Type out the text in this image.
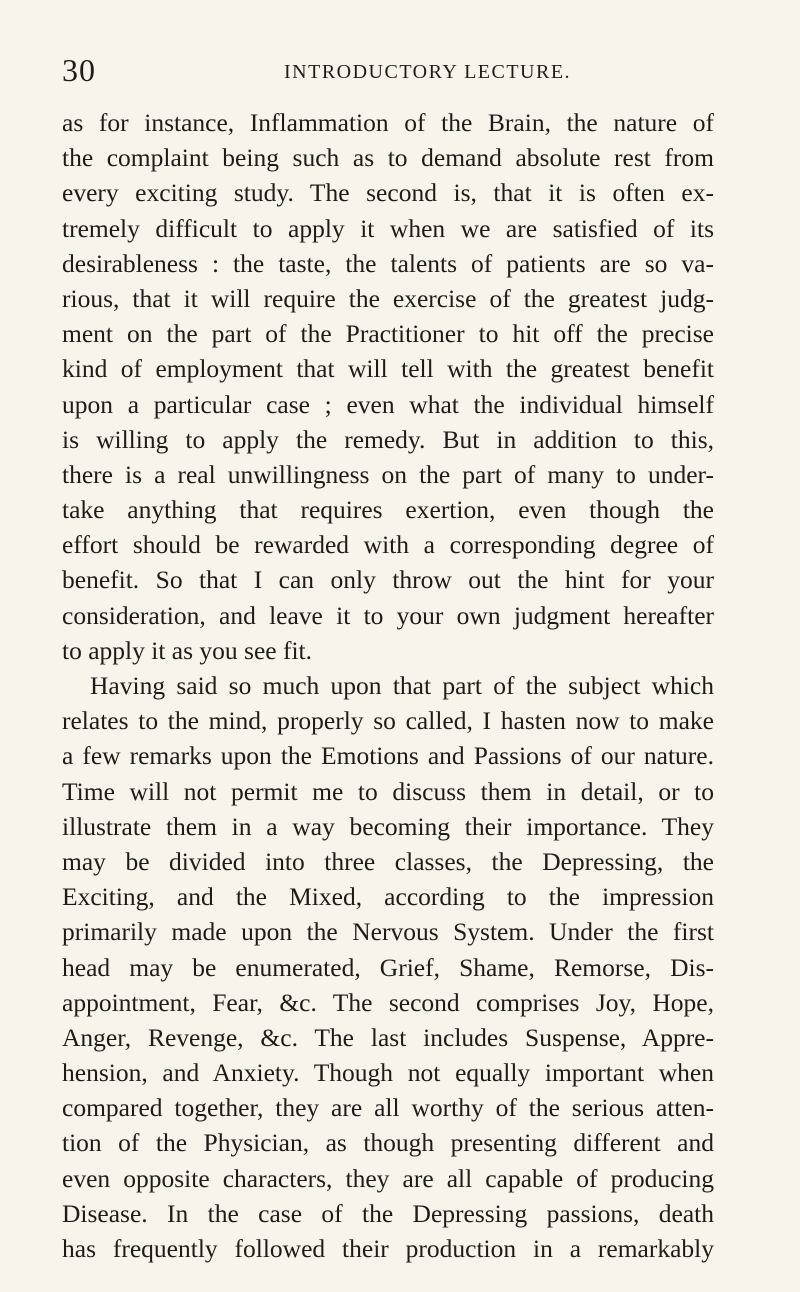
30	INTRODUCTORY LECTURE.
as for instance, Inflammation of the Brain, the nature of
the complaint being such as to demand absolute rest from
every exciting study. The second is, that it is often ex-
tremely difficult to apply it when we are satisfied of its
desirableness : the taste, the talents of patients are so va-
rious, that it will require the exercise of the greatest judg-
ment on the part of the Practitioner to hit off the precise
kind of employment that will tell with the greatest benefit
upon a particular case ; even what the individual himself
is willing to apply the remedy. But in addition to this,
there is a real unwillingness on the part of many to under-
take anything that requires exertion, even though the
effort should be rewarded with a corresponding degree of
benefit. So that I can only throw out the hint for your
consideration, and leave it to your own judgment hereafter
to apply it as you see fit.
Having said so much upon that part of the subject which
relates to the mind, properly so called, I hasten now to make
a few remarks upon the Emotions and Passions of our nature.
Time will not permit me to discuss them in detail, or to
illustrate them in a way becoming their importance. They
may be divided into three classes, the Depressing, the
Exciting, and the Mixed, according to the impression
primarily made upon the Nervous System. Under the first
head may be enumerated, Grief, Shame, Remorse, Dis-
appointment, Fear, &c. The second comprises Joy, Hope,
Anger, Revenge, &c. The last includes Suspense, Appre-
hension, and Anxiety. Though not equally important when
compared together, they are all worthy of the serious atten-
tion of the Physician, as though presenting different and
even opposite characters, they are all capable of producing
Disease. In the case of the Depressing passions, death
has frequently followed their production in a remarkably
